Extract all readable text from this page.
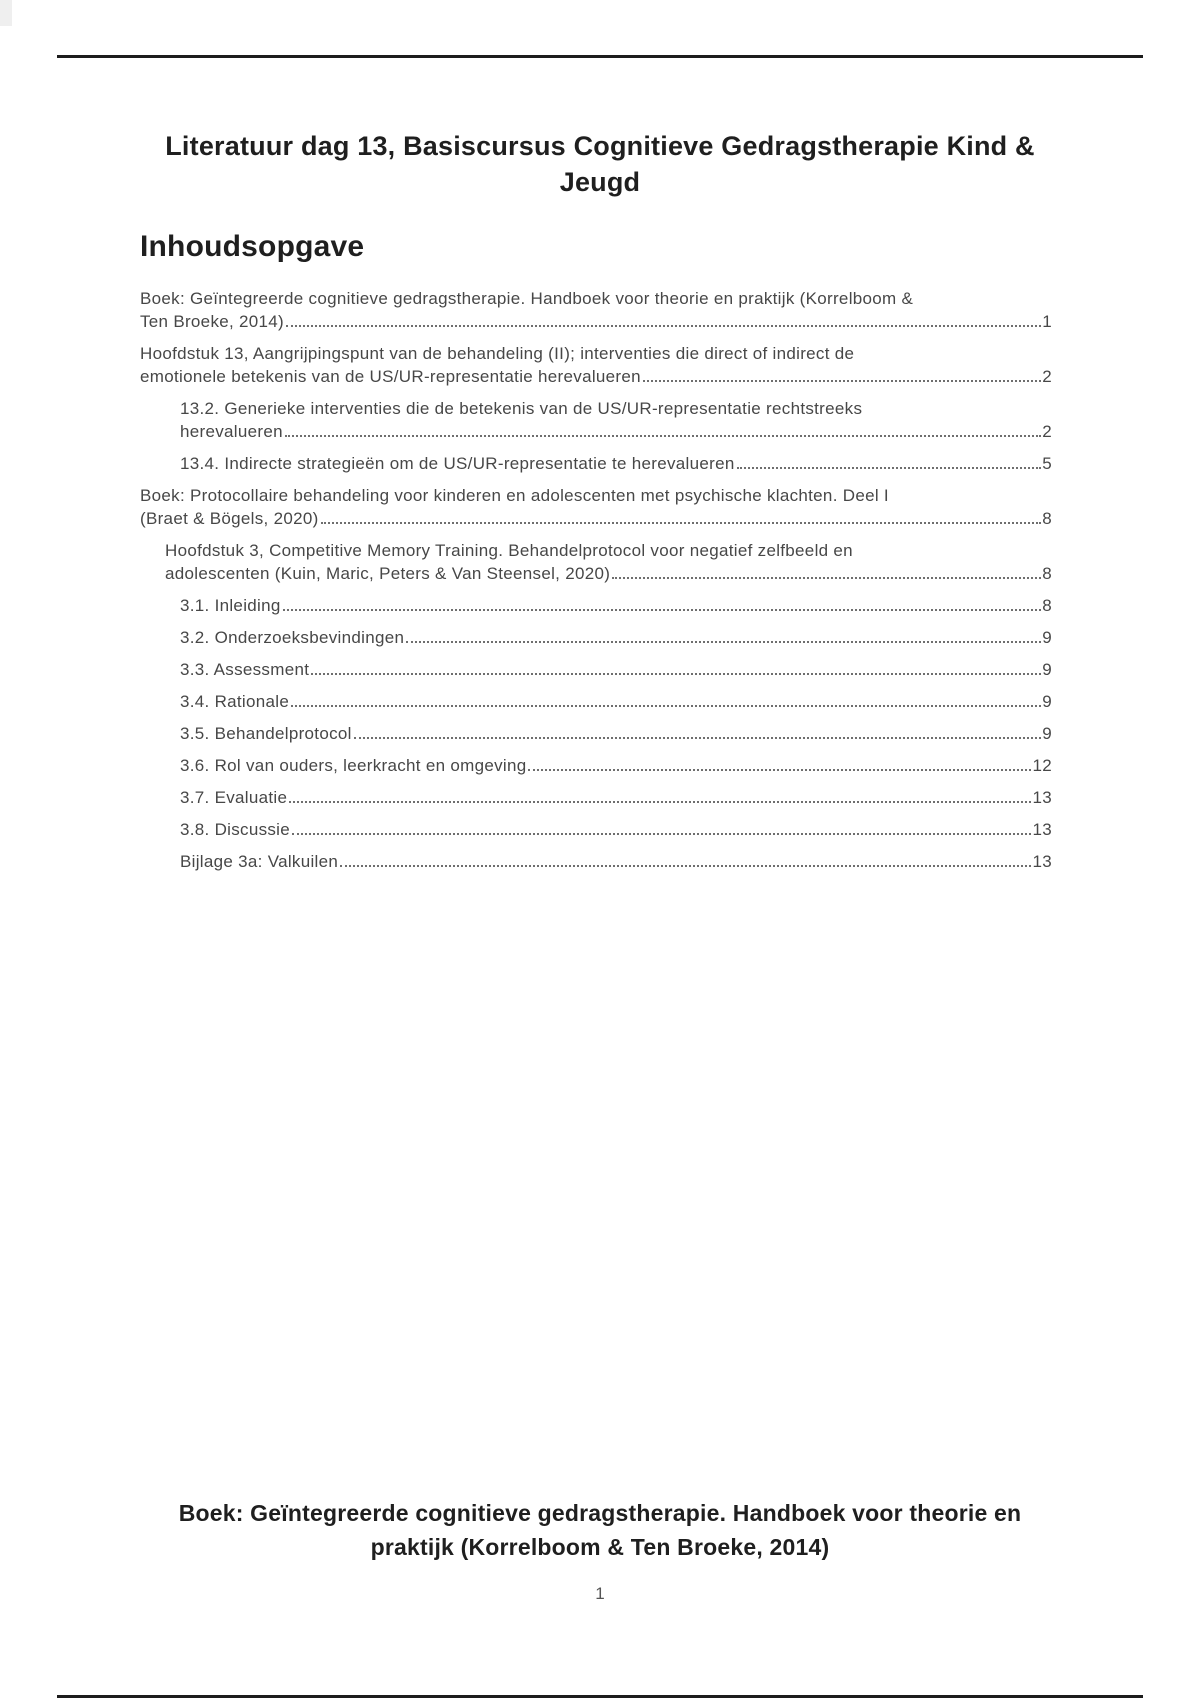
Literatuur dag 13, Basiscursus Cognitieve Gedragstherapie Kind &
Jeugd
Inhoudsopgave
Boek: Geïntegreerde cognitieve gedragstherapie. Handboek voor theorie en praktijk (Korrelboom &
Ten Broeke, 2014)	1
Hoofdstuk 13, Aangrijpingspunt van de behandeling (II); interventies die direct of indirect de
emotionele betekenis van de US/UR-representatie herevalueren	2
13.2. Generieke interventies die de betekenis van de US/UR-representatie rechtstreeks
herevalueren	2
13.4. Indirecte strategieën om de US/UR-representatie te herevalueren	5
Boek: Protocollaire behandeling voor kinderen en adolescenten met psychische klachten. Deel I
(Braet & Bögels, 2020)	8
Hoofdstuk 3, Competitive Memory Training. Behandelprotocol voor negatief zelfbeeld en
adolescenten (Kuin, Maric, Peters & Van Steensel, 2020)	8
3.1. Inleiding	8
3.2. Onderzoeksbevindingen	9
3.3. Assessment	9
3.4. Rationale	9
3.5. Behandelprotocol	9
3.6. Rol van ouders, leerkracht en omgeving	12
3.7. Evaluatie	13
3.8. Discussie	13
Bijlage 3a: Valkuilen	13
Boek: Geïntegreerde cognitieve gedragstherapie. Handboek voor theorie en
praktijk (Korrelboom & Ten Broeke, 2014)
1
